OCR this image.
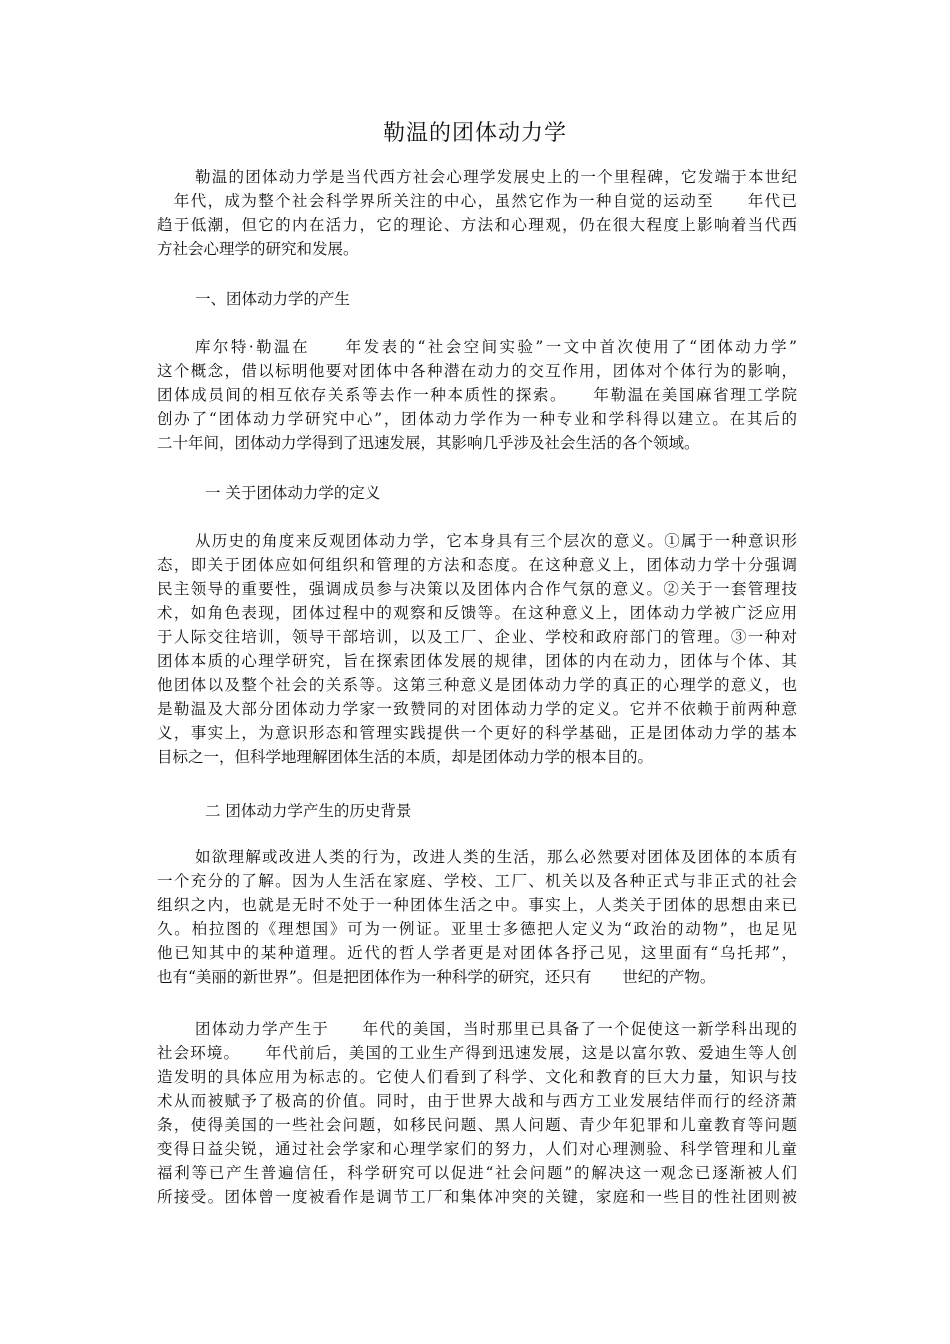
勒温的团体动力学
勒温的团体动力学是当代西方社会心理学发展史上的一个里程碑，它发端于本世纪
　年代，成为整个社会科学界所关注的中心，虽然它作为一种自觉的运动至　　年代已
趋于低潮，但它的内在活力，它的理论、方法和心理观，仍在很大程度上影响着当代西
方社会心理学的研究和发展。
一、团体动力学的产生
库尔特·勒温在　　年发表的“社会空间实验”一文中首次使用了“团体动力学”
这个概念，借以标明他要对团体中各种潜在动力的交互作用，团体对个体行为的影响，
团体成员间的相互依存关系等去作一种本质性的探索。　　年勒温在美国麻省理工学院
创办了“团体动力学研究中心”，团体动力学作为一种专业和学科得以建立。在其后的
二十年间，团体动力学得到了迅速发展，其影响几乎涉及社会生活的各个领域。
一 关于团体动力学的定义
从历史的角度来反观团体动力学，它本身具有三个层次的意义。①属于一种意识形
态，即关于团体应如何组织和管理的方法和态度。在这种意义上，团体动力学十分强调
民主领导的重要性，强调成员参与决策以及团体内合作气氛的意义。②关于一套管理技
术，如角色表现，团体过程中的观察和反馈等。在这种意义上，团体动力学被广泛应用
于人际交往培训，领导干部培训，以及工厂、企业、学校和政府部门的管理。③一种对
团体本质的心理学研究，旨在探索团体发展的规律，团体的内在动力，团体与个体、其
他团体以及整个社会的关系等。这第三种意义是团体动力学的真正的心理学的意义，也
是勒温及大部分团体动力学家一致赞同的对团体动力学的定义。它并不依赖于前两种意
义，事实上，为意识形态和管理实践提供一个更好的科学基础，正是团体动力学的基本
目标之一，但科学地理解团体生活的本质，却是团体动力学的根本目的。
二 团体动力学产生的历史背景
如欲理解或改进人类的行为，改进人类的生活，那么必然要对团体及团体的本质有
一个充分的了解。因为人生活在家庭、学校、工厂、机关以及各种正式与非正式的社会
组织之内，也就是无时不处于一种团体生活之中。事实上，人类关于团体的思想由来已
久。柏拉图的《理想国》可为一例证。亚里士多德把人定义为“政治的动物”，也足见
他已知其中的某种道理。近代的哲人学者更是对团体各抒己见，这里面有“乌托邦”，
也有“美丽的新世界”。但是把团体作为一种科学的研究，还只有　　世纪的产物。
团体动力学产生于　　年代的美国，当时那里已具备了一个促使这一新学科出现的
社会环境。　　年代前后，美国的工业生产得到迅速发展，这是以富尔敦、爱迪生等人创
造发明的具体应用为标志的。它使人们看到了科学、文化和教育的巨大力量，知识与技
术从而被赋予了极高的价值。同时，由于世界大战和与西方工业发展结伴而行的经济萧
条，使得美国的一些社会问题，如移民问题、黑人问题、青少年犯罪和儿童教育等问题
变得日益尖锐，通过社会学家和心理学家们的努力，人们对心理测验、科学管理和儿童
福利等已产生普遍信任，科学研究可以促进“社会问题”的解决这一观念已逐渐被人们
所接受。团体曾一度被看作是调节工厂和集体冲突的关键，家庭和一些目的性社团则被
